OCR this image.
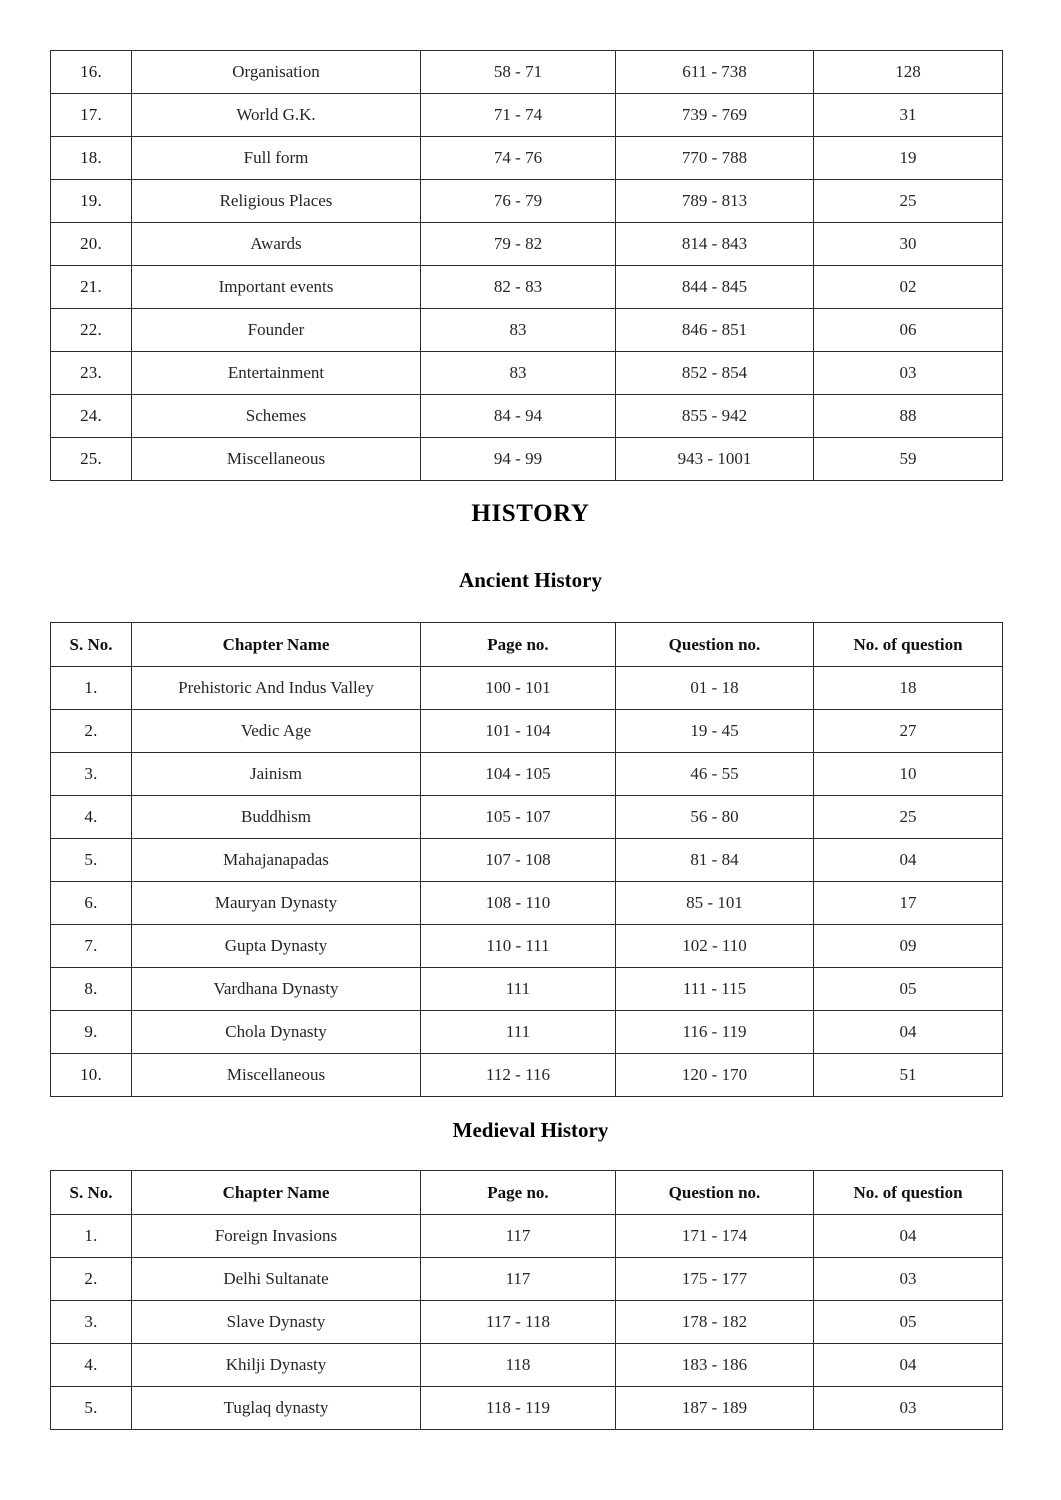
16.	Organisation	58 - 71	611 - 738	128
17.	World G.K.	71 - 74	739 - 769	31
18.	Full form	74 - 76	770 - 788	19
19.	Religious Places	76 - 79	789 - 813	25
20.	Awards	79 - 82	814 - 843	30
21.	Important events	82 - 83	844 - 845	02
22.	Founder	83	846 - 851	06
23.	Entertainment	83	852 - 854	03
24.	Schemes	84 - 94	855 - 942	88
25.	Miscellaneous	94 - 99	943 - 1001	59
HISTORY
Ancient History
S. No.	Chapter Name	Page no.	Question no.	No. of question
1.	Prehistoric And Indus Valley	100 - 101	01 - 18	18
2.	Vedic Age	101 - 104	19 - 45	27
3.	Jainism	104 - 105	46 - 55	10
4.	Buddhism	105 - 107	56 - 80	25
5.	Mahajanapadas	107 - 108	81 - 84	04
6.	Mauryan Dynasty	108 - 110	85 - 101	17
7.	Gupta Dynasty	110 - 111	102 - 110	09
8.	Vardhana Dynasty	111	111 - 115	05
9.	Chola Dynasty	111	116 - 119	04
10.	Miscellaneous	112 - 116	120 - 170	51
Medieval History
S. No.	Chapter Name	Page no.	Question no.	No. of question
1.	Foreign Invasions	117	171 - 174	04
2.	Delhi Sultanate	117	175 - 177	03
3.	Slave Dynasty	117 - 118	178 - 182	05
4.	Khilji Dynasty	118	183 - 186	04
5.	Tuglaq dynasty	118 - 119	187 - 189	03
